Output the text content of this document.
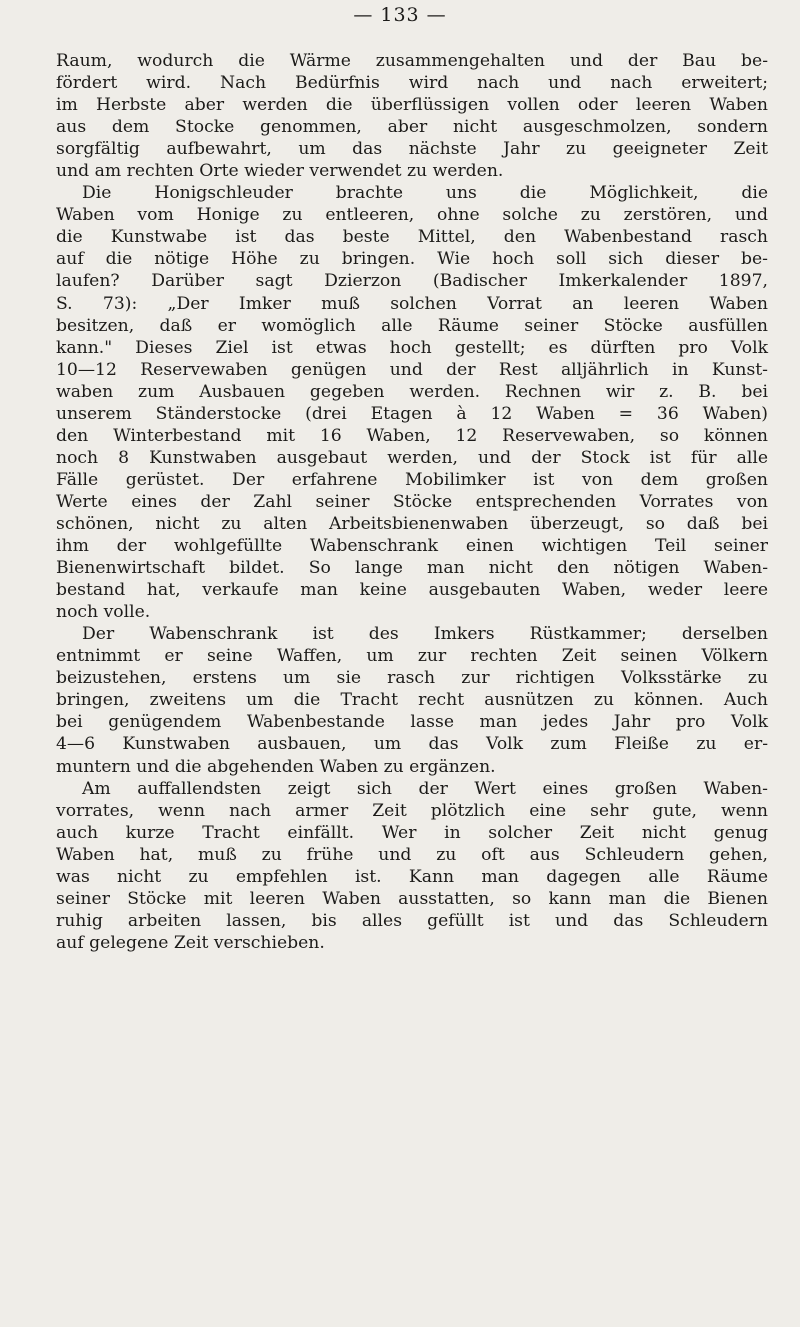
— 133 —
Raum, wodurch die Wärme zusammengehalten und der Bau be-
fördert wird. Nach Bedürfnis wird nach und nach erweitert;
im Herbste aber werden die überflüssigen vollen oder leeren Waben
aus dem Stocke genommen, aber nicht ausgeschmolzen, sondern
sorgfältig aufbewahrt, um das nächste Jahr zu geeigneter Zeit
und am rechten Orte wieder verwendet zu werden.
Die Honigschleuder brachte uns die Möglichkeit, die
Waben vom Honige zu entleeren, ohne solche zu zerstören, und
die Kunstwabe ist das beste Mittel, den Wabenbestand rasch
auf die nötige Höhe zu bringen. Wie hoch soll sich dieser be-
laufen? Darüber sagt Dzierzon (Badischer Imkerkalender 1897,
S. 73): „Der Imker muß solchen Vorrat an leeren Waben
besitzen, daß er womöglich alle Räume seiner Stöcke ausfüllen
kann." Dieses Ziel ist etwas hoch gestellt; es dürften pro Volk
10—12 Reservewaben genügen und der Rest alljährlich in Kunst-
waben zum Ausbauen gegeben werden. Rechnen wir z. B. bei
unserem Ständerstocke (drei Etagen à 12 Waben = 36 Waben)
den Winterbestand mit 16 Waben, 12 Reservewaben, so können
noch 8 Kunstwaben ausgebaut werden, und der Stock ist für alle
Fälle gerüstet. Der erfahrene Mobilimker ist von dem großen
Werte eines der Zahl seiner Stöcke entsprechenden Vorrates von
schönen, nicht zu alten Arbeitsbienenwaben überzeugt, so daß bei
ihm der wohlgefüllte Wabenschrank einen wichtigen Teil seiner
Bienenwirtschaft bildet. So lange man nicht den nötigen Waben-
bestand hat, verkaufe man keine ausgebauten Waben, weder leere
noch volle.
Der Wabenschrank ist des Imkers Rüstkammer; derselben
entnimmt er seine Waffen, um zur rechten Zeit seinen Völkern
beizustehen, erstens um sie rasch zur richtigen Volksstärke zu
bringen, zweitens um die Tracht recht ausnützen zu können. Auch
bei genügendem Wabenbestande lasse man jedes Jahr pro Volk
4—6 Kunstwaben ausbauen, um das Volk zum Fleiße zu er-
muntern und die abgehenden Waben zu ergänzen.
Am auffallendsten zeigt sich der Wert eines großen Waben-
vorrates, wenn nach armer Zeit plötzlich eine sehr gute, wenn
auch kurze Tracht einfällt. Wer in solcher Zeit nicht genug
Waben hat, muß zu frühe und zu oft aus Schleudern gehen,
was nicht zu empfehlen ist. Kann man dagegen alle Räume
seiner Stöcke mit leeren Waben ausstatten, so kann man die Bienen
ruhig arbeiten lassen, bis alles gefüllt ist und das Schleudern
auf gelegene Zeit verschieben.
